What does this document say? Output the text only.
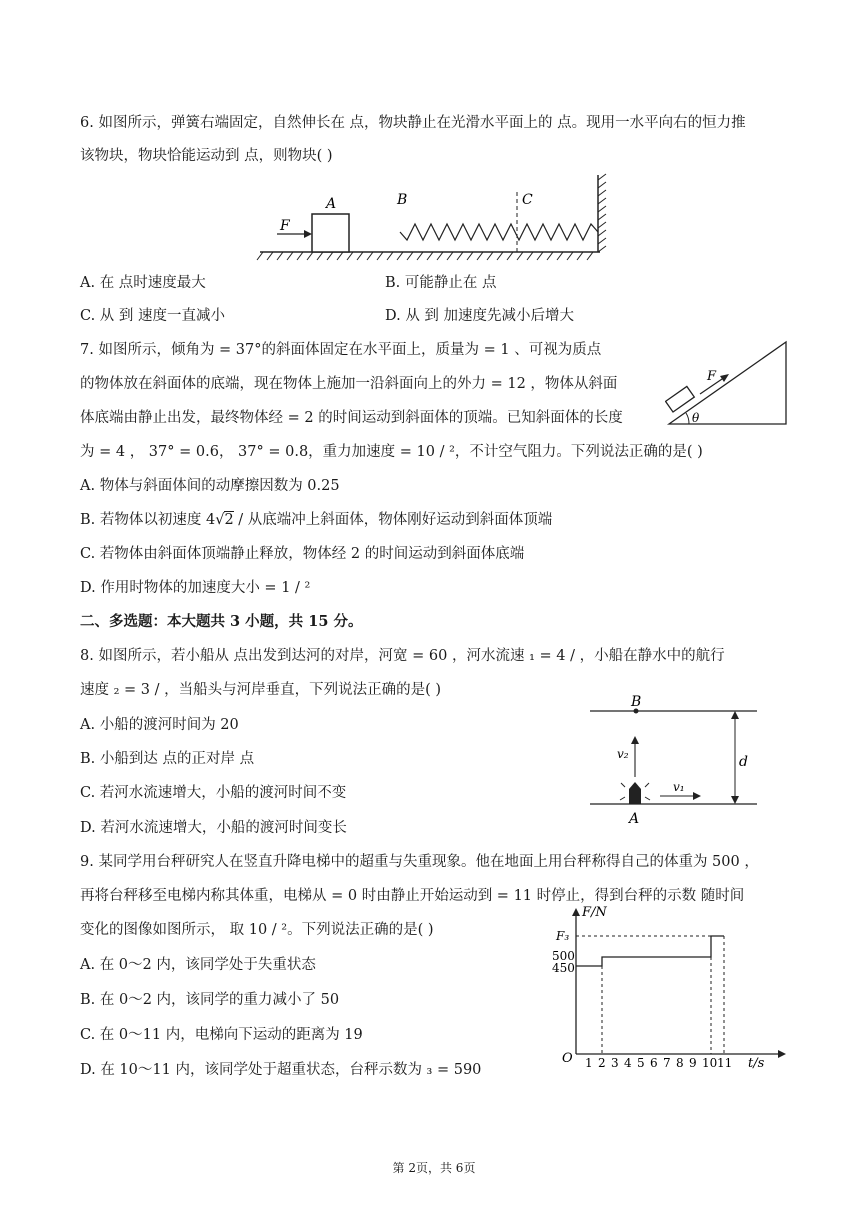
6. 如图所示，弹簧右端固定，自然伸长在 点，物块静止在光滑水平面上的 点。现用一水平向右的恒力推
该物块，物块恰能运动到 点，则物块( )
F
A	B	C
A. 在 点时速度最大	B. 可能静止在 点
C. 从 到 速度一直减小	D. 从 到 加速度先减小后增大
7. 如图所示，倾角为 = 37°的斜面体固定在水平面上，质量为 = 1 、可视为质点
的物体放在斜面体的底端，现在物体上施加一沿斜面向上的外力 = 12 ，物体从斜面
体底端由静止出发，最终物体经 = 2 的时间运动到斜面体的顶端。已知斜面体的长度
为 = 4 ， 37° = 0.6， 37° = 0.8，重力加速度 = 10 / ²，不计空气阻力。下列说法正确的是( )
F
θ
A. 物体与斜面体间的动摩擦因数为 0.25
B. 若物体以初速度 4√2 / 从底端冲上斜面体，物体刚好运动到斜面体顶端
C. 若物体由斜面体顶端静止释放，物体经 2 的时间运动到斜面体底端
D. 作用时物体的加速度大小 = 1 / ²
二、多选题：本大题共 3 小题，共 15 分。
8. 如图所示，若小船从 点出发到达河的对岸，河宽 = 60 ，河水流速 ₁ = 4 / ，小船在静水中的航行
速度 ₂ = 3 / ，当船头与河岸垂直，下列说法正确的是( )
B
A
v₂
v₁
d
A. 小船的渡河时间为 20
B. 小船到达 点的正对岸 点
C. 若河水流速增大，小船的渡河时间不变
D. 若河水流速增大，小船的渡河时间变长
9. 某同学用台秤研究人在竖直升降电梯中的超重与失重现象。他在地面上用台秤称得自己的体重为 500 ，
再将台秤移至电梯内称其体重，电梯从 = 0 时由静止开始运动到 = 11 时停止，得到台秤的示数 随时间
变化的图像如图所示， 取 10 / ²。下列说法正确的是( )	F₃
500
450
F/N
O 1 2 3 4 5 6 7 8 9 10 11 t/s
A. 在 0～2 内，该同学处于失重状态
B. 在 0～2 内，该同学的重力减小了 50
C. 在 0～11 内，电梯向下运动的距离为 19
D. 在 10～11 内，该同学处于超重状态，台秤示数为 ₃ = 590
第 2页，共 6页
